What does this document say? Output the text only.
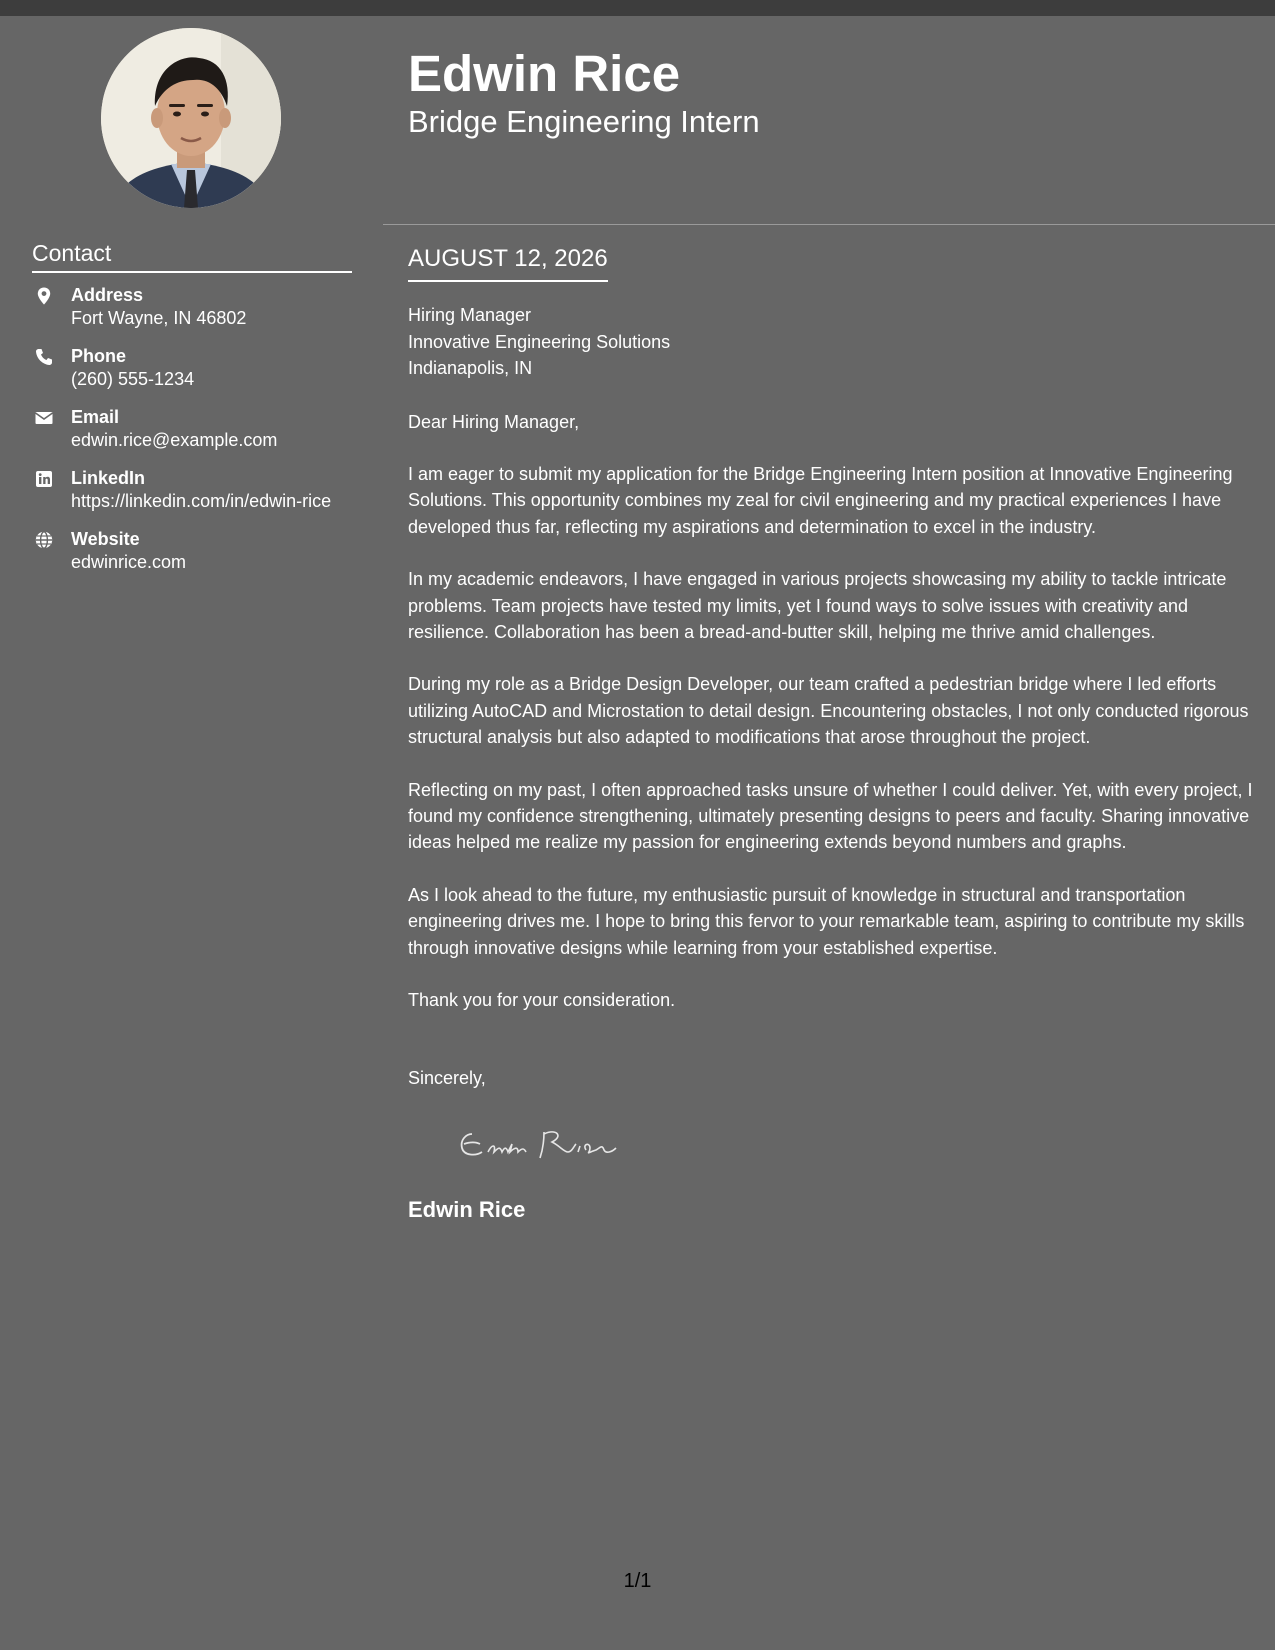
Contact
Address
Fort Wayne, IN 46802
Phone
(260) 555-1234
Email
edwin.rice@example.com
LinkedIn
https://linkedin.com/in/edwin-rice
Website
edwinrice.com
Edwin Rice
Bridge Engineering Intern
AUGUST 12, 2026
Hiring Manager
Innovative Engineering Solutions
Indianapolis, IN
Dear Hiring Manager,
I am eager to submit my application for the Bridge Engineering Intern position at Innovative Engineering Solutions. This opportunity combines my zeal for civil engineering and my practical experiences I have developed thus far, reflecting my aspirations and determination to excel in the industry.
In my academic endeavors, I have engaged in various projects showcasing my ability to tackle intricate problems. Team projects have tested my limits, yet I found ways to solve issues with creativity and resilience. Collaboration has been a bread-and-butter skill, helping me thrive amid challenges.
During my role as a Bridge Design Developer, our team crafted a pedestrian bridge where I led efforts utilizing AutoCAD and Microstation to detail design. Encountering obstacles, I not only conducted rigorous structural analysis but also adapted to modifications that arose throughout the project.
Reflecting on my past, I often approached tasks unsure of whether I could deliver. Yet, with every project, I found my confidence strengthening, ultimately presenting designs to peers and faculty. Sharing innovative ideas helped me realize my passion for engineering extends beyond numbers and graphs.
As I look ahead to the future, my enthusiastic pursuit of knowledge in structural and transportation engineering drives me. I hope to bring this fervor to your remarkable team, aspiring to contribute my skills through innovative designs while learning from your established expertise.
Thank you for your consideration.
Sincerely,
Edwin Rice
1/1
